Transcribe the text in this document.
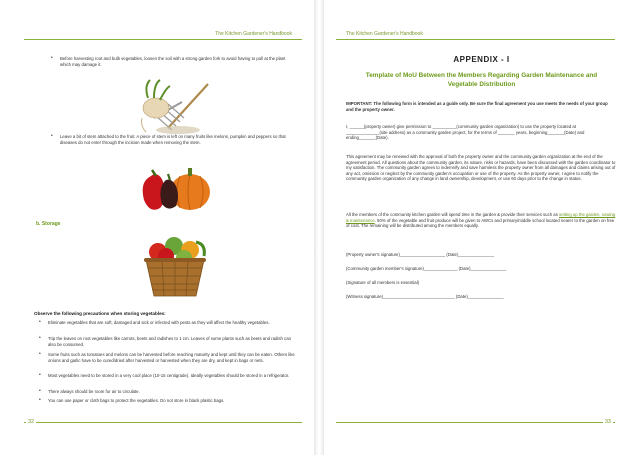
The Kitchen Gardener's Handbook
• Before harvesting root and bulb vegetables, loosen the soil with a strong garden fork to avoid having to pull at the plant which may damage it.
• Leave a bit of stem attached to the fruit. A piece of stem is left on many fruits like melons, pumpkin and peppers so that diseases do not enter through the incision made when removing the stem.
b. Storage
Observe the following precautions when storing vegetables:
• Eliminate vegetables that are soft, damaged and sick or infected with pests as they will affect the healthy vegetables.
• Trip the leaves on root vegetables like carrots, beets and radishes to 1 cm. Leaves of some plants such as beets and radish can also be consumed.
• Some fruits such as tomatoes and melons can be harvested before reaching maturity and kept until they can be eaten. Others like onions and garlic have to be cured/dried after harvested or harvested when they are dry, and kept in bags or nets.
• Most vegetables need to be stored in a very cool place (10-15 centigrade). Ideally vegetables should be stored in a refrigerator.
• There always should be room for air to circulate.
• You can use paper or cloth bags to protect the vegetables. Do not store in black plastic bags.
32
The Kitchen Gardener's Handbook
APPENDIX - I
Template of MoU Between the Members Regarding Garden Maintenance and Vegetable Distribution
IMPORTANT: The following form is intended as a guide only. Be sure the final agreement you use meets the needs of your group and the property owner.
I, ______(property owner) give permission to __________(community garden organization) to use the property located at ______________(site address) as a community garden project, for the terms of _______ years, beginning_______(Date) and ending_______(Date).
This agreement may be renewed with the approval of both the property owner and the community garden organization at the end of the agreement period. All questions about the community garden, its nature, risks or hazards, have been discussed with the garden coordinator to my satisfaction. The community garden agrees to indemnify and save harmless the property owner from all damages and claims arising out of any act, omission or neglect by the community garden's occupation or use of the property. As the property owner, I agree to notify the community garden organization of any change in land ownership, development, or use 60 days prior to the change in status.
All the members of the community kitchen garden will spend time in the garden & provide their services such as setting up the garden, sowing & maintenance. 50% of the vegetable and fruit produce will be given to AWCs and primary/middle school located nearer to the garden on free of cost. The remaining will be distributed among the members equally.
(Property owner's signature)___________________ (Date)_______________
(Community garden member's signature)______________ (Date)_______________
(Signature of all members is essential)
(Witness signature)______________________________ (Date)_______________
33
